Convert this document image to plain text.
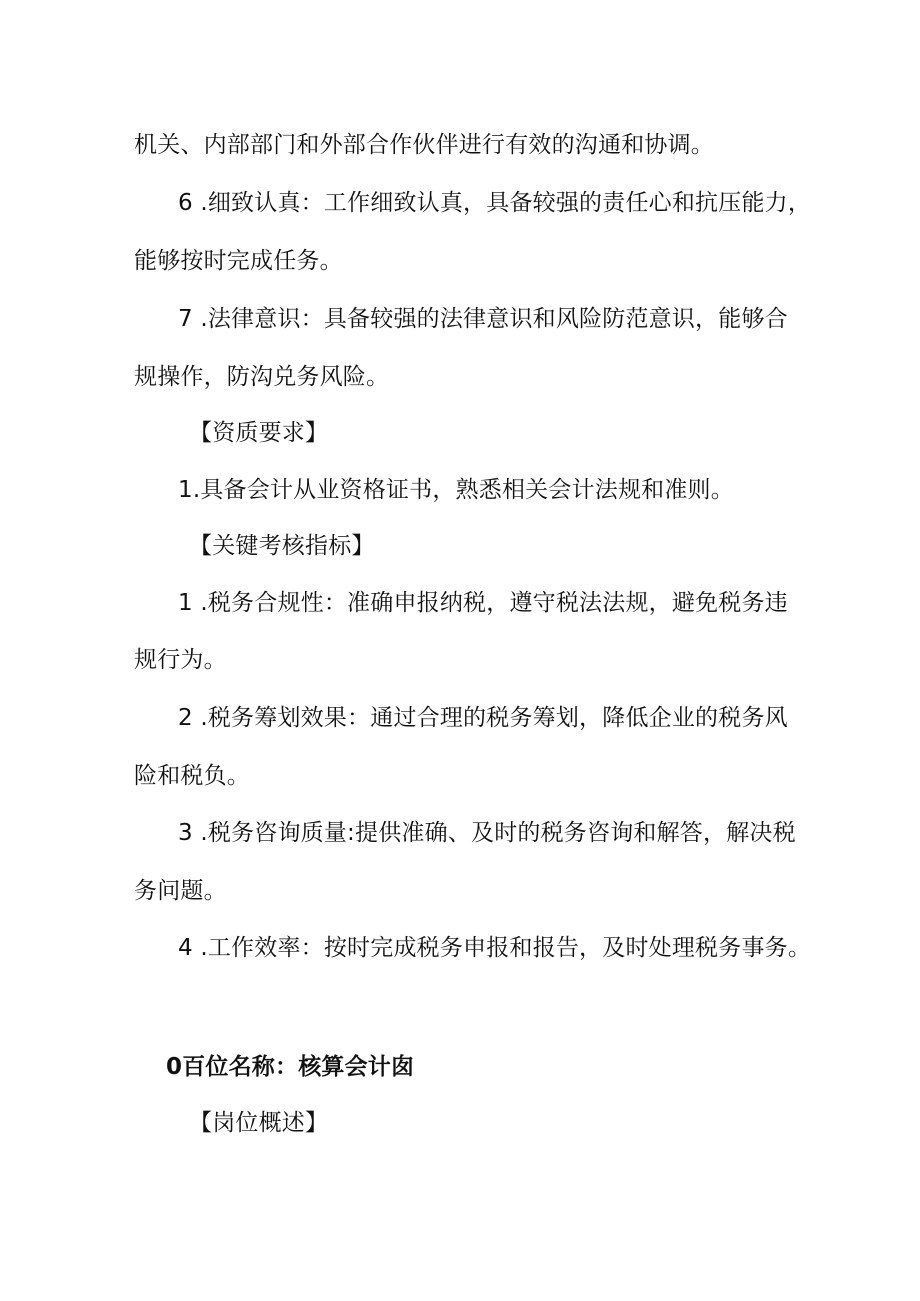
机关、内部部门和外部合作伙伴进行有效的沟通和协调。
6 .细致认真：工作细致认真，具备较强的责任心和抗压能力，
能够按时完成任务。
7 .法律意识：具备较强的法律意识和风险防范意识，能够合
规操作，防沟兑务风险。
【资质要求】
1.具备会计从业资格证书，熟悉相关会计法规和准则。
【关键考核指标】
1 .税务合规性：准确申报纳税，遵守税法法规，避免税务违
规行为。
2 .税务筹划效果：通过合理的税务筹划，降低企业的税务风
险和税负。
3 .税务咨询质量:提供准确、及时的税务咨询和解答，解决税
务问题。
4 .工作效率：按时完成税务申报和报告，及时处理税务事务。
0百位名称：核算会计囱
【岗位概述】
